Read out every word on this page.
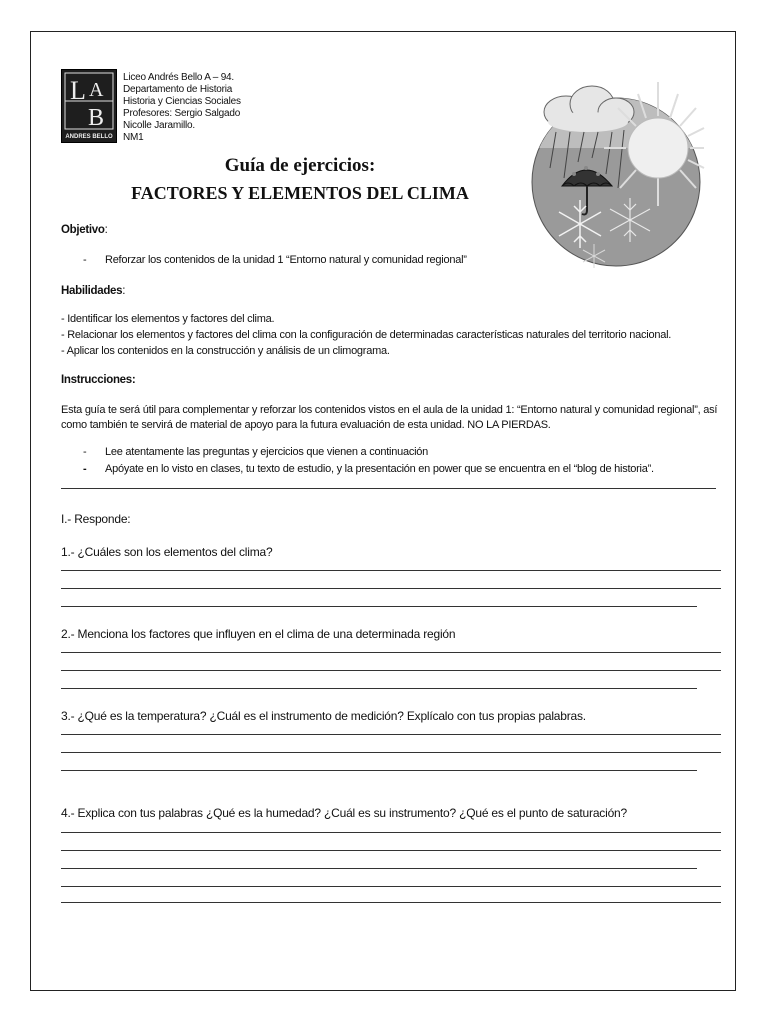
L A
B
ANDRES BELLO
Liceo Andrés Bello A – 94.
Departamento de Historia
Historia y Ciencias Sociales
Profesores: Sergio Salgado
Nicolle Jaramillo.
NM1
Guía de ejercicios:
FACTORES Y ELEMENTOS DEL CLIMA
Objetivo:
- Reforzar los contenidos de la unidad 1 “Entorno natural y comunidad regional”
Habilidades:
- Identificar los elementos y factores del clima.
- Relacionar los elementos y factores del clima con la configuración de determinadas características naturales del territorio nacional.
- Aplicar los contenidos en la construcción y análisis de un climograma.
Instrucciones:
Esta guía te será útil para complementar y reforzar los contenidos vistos en el aula de la unidad 1: “Entorno natural y comunidad regional”, así
como también te servirá de material de apoyo para la futura evaluación de esta unidad. NO LA PIERDAS.
- Lee atentamente las preguntas y ejercicios que vienen a continuación
- Apóyate en lo visto en clases, tu texto de estudio, y la presentación en power que se encuentra en el “blog de historia”.
I.- Responde:
1.- ¿Cuáles son los elementos del clima?
2.- Menciona los factores que influyen en el clima de una determinada región
3.- ¿Qué es la temperatura? ¿Cuál es el instrumento de medición? Explícalo con tus propias palabras.
4.- Explica con tus palabras ¿Qué es la humedad? ¿Cuál es su instrumento? ¿Qué es el punto de saturación?
